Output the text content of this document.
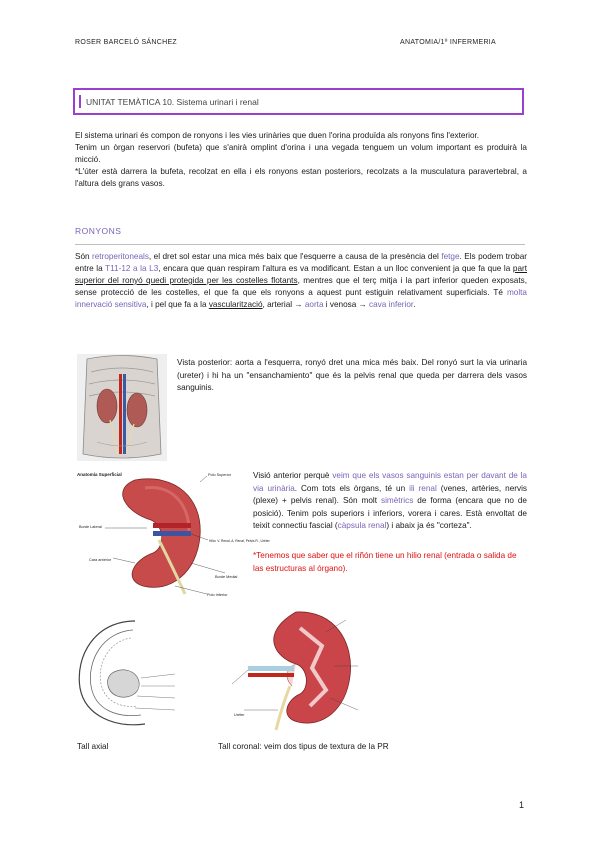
ROSER BARCELÓ SÁNCHEZ	ANATOMIA/1º INFERMERIA
UNITAT TEMÀTICA 10. Sistema urinari i renal
El sistema urinari és compon de ronyons i les vies urinàries que duen l'orina produïda als ronyons fins l'exterior.
Tenim un òrgan reservori (bufeta) que s'anirà omplint d'orina i una vegada tenguem un volum important es produirà la micció.
*L'úter està darrera la bufeta, recolzat en ella i els ronyons estan posteriors, recolzats a la musculatura paravertebral, a l'altura dels grans vasos.
RONYONS
Són retroperitoneals, el dret sol estar una mica més baix que l'esquerre a causa de la presència del fetge. Els podem trobar entre la T11-12 a la L3, encara que quan respiram l'altura es va modificant. Estan a un lloc convenient ja que fa que la part superior del ronyó quedi protegida per les costelles flotants, mentres que el terç mitja i la part inferior queden exposats, sense protecció de les costelles, el que fa que els ronyons a aquest punt estiguin relativament superficials. Té molta innervació sensitiva, i pel que fa a la vascularització, arterial → aorta i venosa → cava inferior.
Vista posterior: aorta a l'esquerra, ronyó dret una mica més baix. Del ronyó surt la via urinaria (ureter) i hi ha un "ensanchamiento" que és la pelvis renal que queda per darrera dels vasos sanguinis.
Anatomía Superficial	Polo Superior
Borde Lateral
Cara anterior
Hilio: V. Renal, A. Renal, Pelvis R., Uréter
Borde Medial
Polo Inferior
Visió anterior perquè veim que els vasos sanguinis estan per davant de la via urinària. Com tots els òrgans, té un ili renal (venes, artèries, nervis (plexe) + pelvis renal). Són molt simètrics de forma (encara que no de posició). Tenim pols superiors i inferiors, vorera i cares. Està envoltat de teixit connectiu fascial (càpsula renal) i abaix ja és "corteza".
*Tenemos que saber que el riñón tiene un hilio renal (entrada o salida de las estructuras al órgano).
Uréter
Tall axial	Tall coronal: veim dos tipus de textura de la PR
1
